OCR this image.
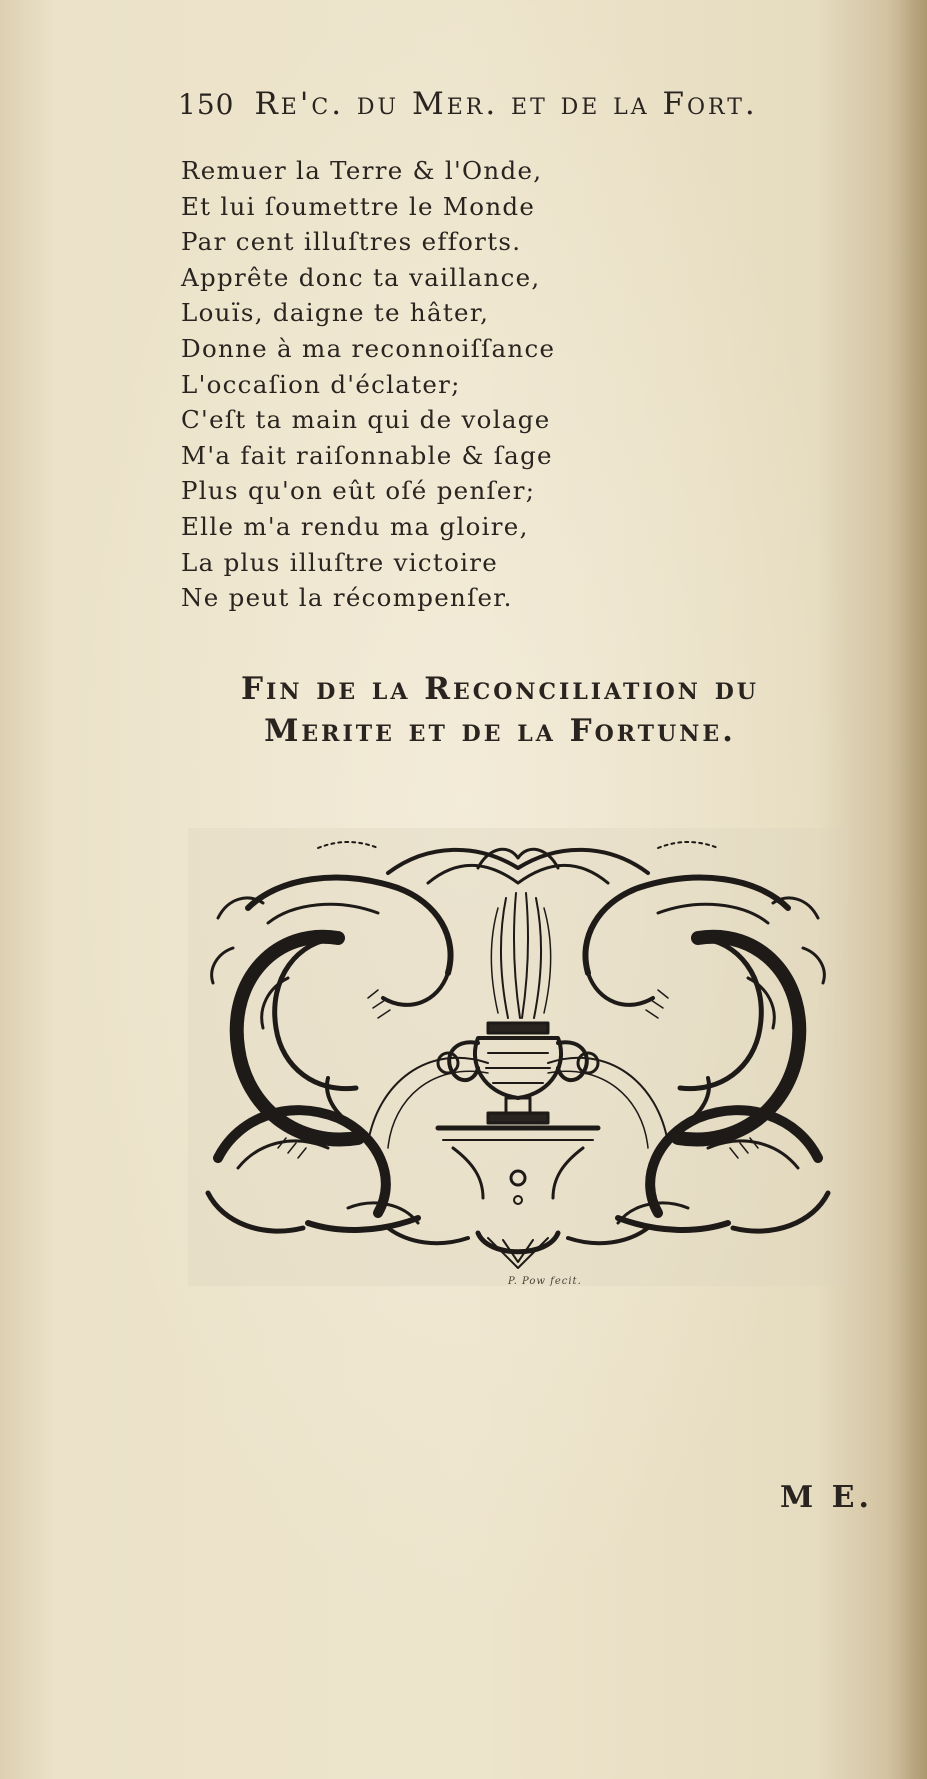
150 Re'c. du Mer. et de la Fort.
Remuer la Terre & l'Onde,
Et lui ſoumettre le Monde
Par cent illuſtres efforts.
Apprête donc ta vaillance,
Louïs, daigne te hâter,
Donne à ma reconnoiſſance
L'occaſion d'éclater;
C'eſt ta main qui de volage
M'a fait raiſonnable & ſage
Plus qu'on eût oſé penſer;
Elle m'a rendu ma gloire,
La plus illuſtre victoire
Ne peut la récompenſer.
Fin de la Reconciliation du
Merite et de la Fortune.
P. Pow fecit.
M E.
